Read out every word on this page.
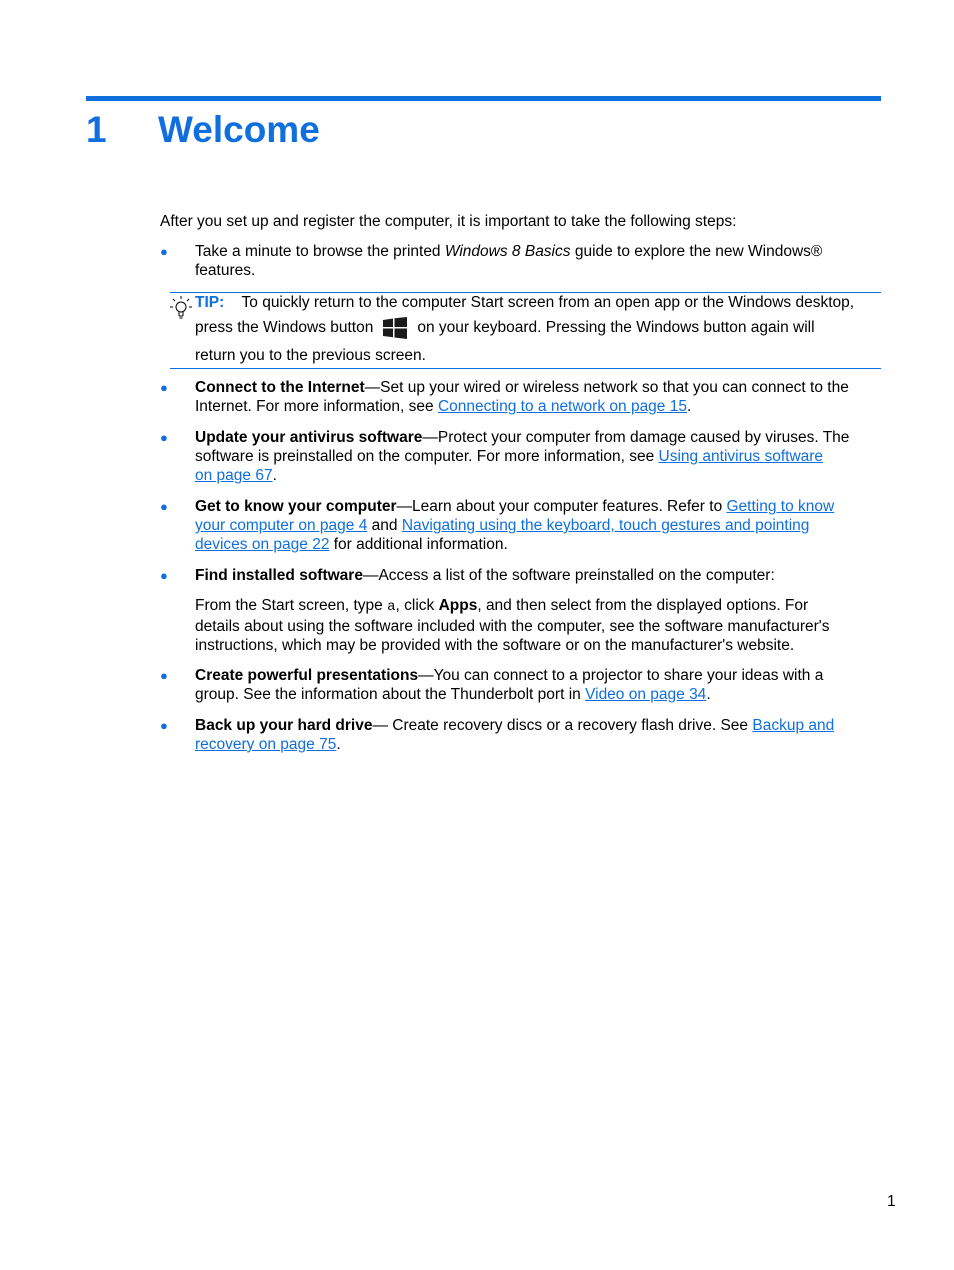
1	Welcome
After you set up and register the computer, it is important to take the following steps:
●	Take a minute to browse the printed Windows 8 Basics guide to explore the new Windows®
features.
TIP: To quickly return to the computer Start screen from an open app or the Windows desktop,
press the Windows button	on your keyboard. Pressing the Windows button again will
return you to the previous screen.
●	Connect to the Internet—Set up your wired or wireless network so that you can connect to the
Internet. For more information, see Connecting to a network on page 15.
●	Update your antivirus software—Protect your computer from damage caused by viruses. The
software is preinstalled on the computer. For more information, see Using antivirus software
on page 67.
●	Get to know your computer—Learn about your computer features. Refer to Getting to know
your computer on page 4 and Navigating using the keyboard, touch gestures and pointing
devices on page 22 for additional information.
●	Find installed software—Access a list of the software preinstalled on the computer:
From the Start screen, type a, click Apps, and then select from the displayed options. For
details about using the software included with the computer, see the software manufacturer's
instructions, which may be provided with the software or on the manufacturer's website.
●	Create powerful presentations—You can connect to a projector to share your ideas with a
group. See the information about the Thunderbolt port in Video on page 34.
●	Back up your hard drive— Create recovery discs or a recovery flash drive. See Backup and
recovery on page 75.
1
